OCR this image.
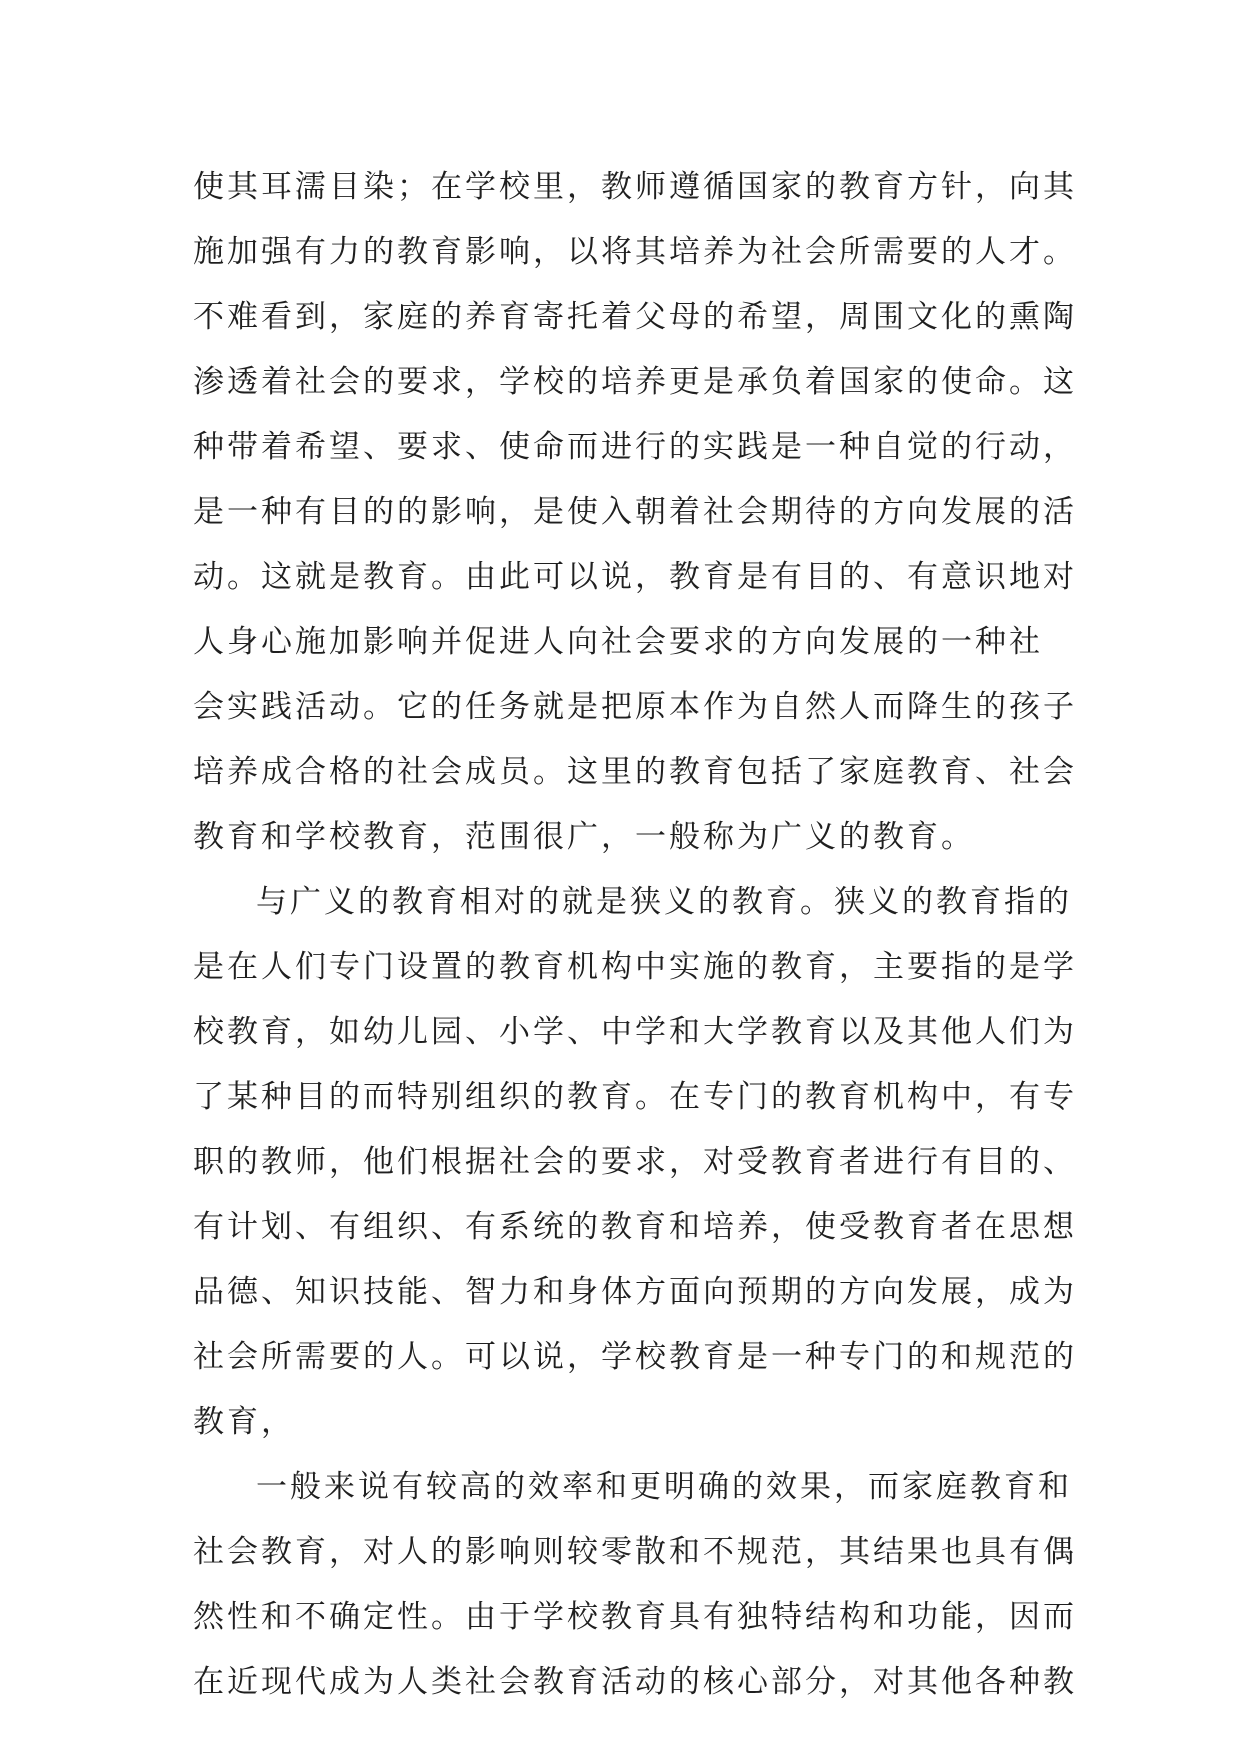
使其耳濡目染；在学校里，教师遵循国家的教育方针，向其

施加强有力的教育影响，以将其培养为社会所需要的人才。

不难看到，家庭的养育寄托着父母的希望，周围文化的熏陶

渗透着社会的要求，学校的培养更是承负着国家的使命。这

种带着希望、要求、使命而进行的实践是一种自觉的行动，

是一种有目的的影响，是使入朝着社会期待的方向发展的活

动。这就是教育。由此可以说，教育是有目的、有意识地对

人身心施加影响并促进人向社会要求的方向发展的一种社

会实践活动。它的任务就是把原本作为自然人而降生的孩子

培养成合格的社会成员。这里的教育包括了家庭教育、社会

教育和学校教育，范围很广，一般称为广义的教育。

与广义的教育相对的就是狭义的教育。狭义的教育指的

是在人们专门设置的教育机构中实施的教育，主要指的是学

校教育，如幼儿园、小学、中学和大学教育以及其他人们为

了某种目的而特别组织的教育。在专门的教育机构中，有专

职的教师，他们根据社会的要求，对受教育者进行有目的、

有计划、有组织、有系统的教育和培养，使受教育者在思想

品德、知识技能、智力和身体方面向预期的方向发展，成为

社会所需要的人。可以说，学校教育是一种专门的和规范的

教育，

一般来说有较高的效率和更明确的效果，而家庭教育和

社会教育，对人的影响则较零散和不规范，其结果也具有偶

然性和不确定性。由于学校教育具有独特结构和功能，因而

在近现代成为人类社会教育活动的核心部分，对其他各种教
